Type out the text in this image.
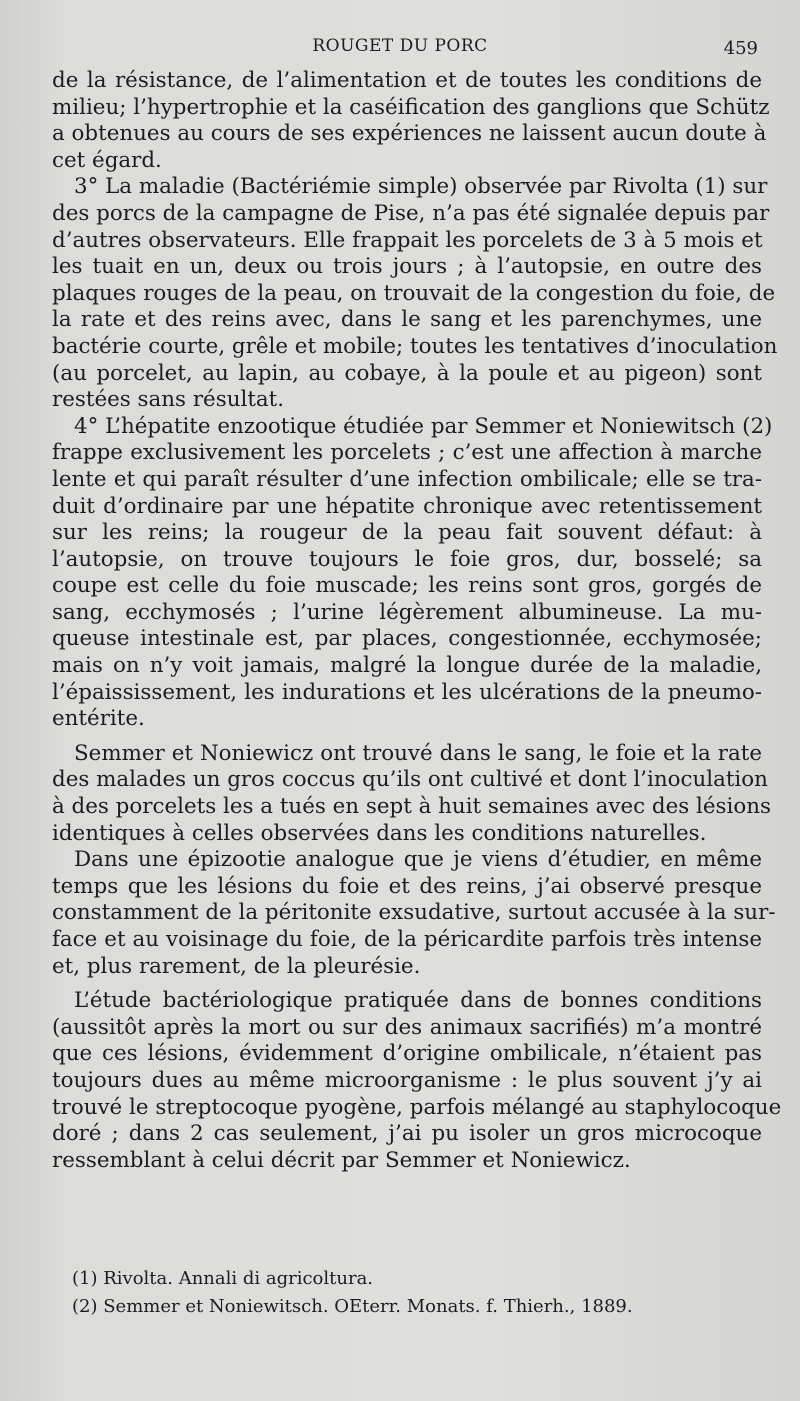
ROUGET DU PORC	459
de la résistance, de l’alimentation et de toutes les conditions de
milieu; l’hypertrophie et la caséification des ganglions que Schütz
a obtenues au cours de ses expériences ne laissent aucun doute à
cet égard.
3° La maladie (Bactériémie simple) observée par Rivolta (1) sur
des porcs de la campagne de Pise, n’a pas été signalée depuis par
d’autres observateurs. Elle frappait les porcelets de 3 à 5 mois et
les tuait en un, deux ou trois jours ; à l’autopsie, en outre des
plaques rouges de la peau, on trouvait de la congestion du foie, de
la rate et des reins avec, dans le sang et les parenchymes, une
bactérie courte, grêle et mobile; toutes les tentatives d’inoculation
(au porcelet, au lapin, au cobaye, à la poule et au pigeon) sont
restées sans résultat.
4° L’hépatite enzootique étudiée par Semmer et Noniewitsch (2)
frappe exclusivement les porcelets ; c’est une affection à marche
lente et qui paraît résulter d’une infection ombilicale; elle se tra-
duit d’ordinaire par une hépatite chronique avec retentissement
sur les reins; la rougeur de la peau fait souvent défaut: à
l’autopsie, on trouve toujours le foie gros, dur, bosselé; sa
coupe est celle du foie muscade; les reins sont gros, gorgés de
sang, ecchymosés ; l’urine légèrement albumineuse. La mu-
queuse intestinale est, par places, congestionnée, ecchymosée;
mais on n’y voit jamais, malgré la longue durée de la maladie,
l’épaississement, les indurations et les ulcérations de la pneumo-
entérite.
Semmer et Noniewicz ont trouvé dans le sang, le foie et la rate
des malades un gros coccus qu’ils ont cultivé et dont l’inoculation
à des porcelets les a tués en sept à huit semaines avec des lésions
identiques à celles observées dans les conditions naturelles.
Dans une épizootie analogue que je viens d’étudier, en même
temps que les lésions du foie et des reins, j’ai observé presque
constamment de la péritonite exsudative, surtout accusée à la sur-
face et au voisinage du foie, de la péricardite parfois très intense
et, plus rarement, de la pleurésie.
L’étude bactériologique pratiquée dans de bonnes conditions
(aussitôt après la mort ou sur des animaux sacrifiés) m’a montré
que ces lésions, évidemment d’origine ombilicale, n’étaient pas
toujours dues au même microorganisme : le plus souvent j’y ai
trouvé le streptocoque pyogène, parfois mélangé au staphylocoque
doré ; dans 2 cas seulement, j’ai pu isoler un gros microcoque
ressemblant à celui décrit par Semmer et Noniewicz.
(1) Rivolta. Annali di agricoltura.
(2) Semmer et Noniewitsch. OEterr. Monats. f. Thierh., 1889.
